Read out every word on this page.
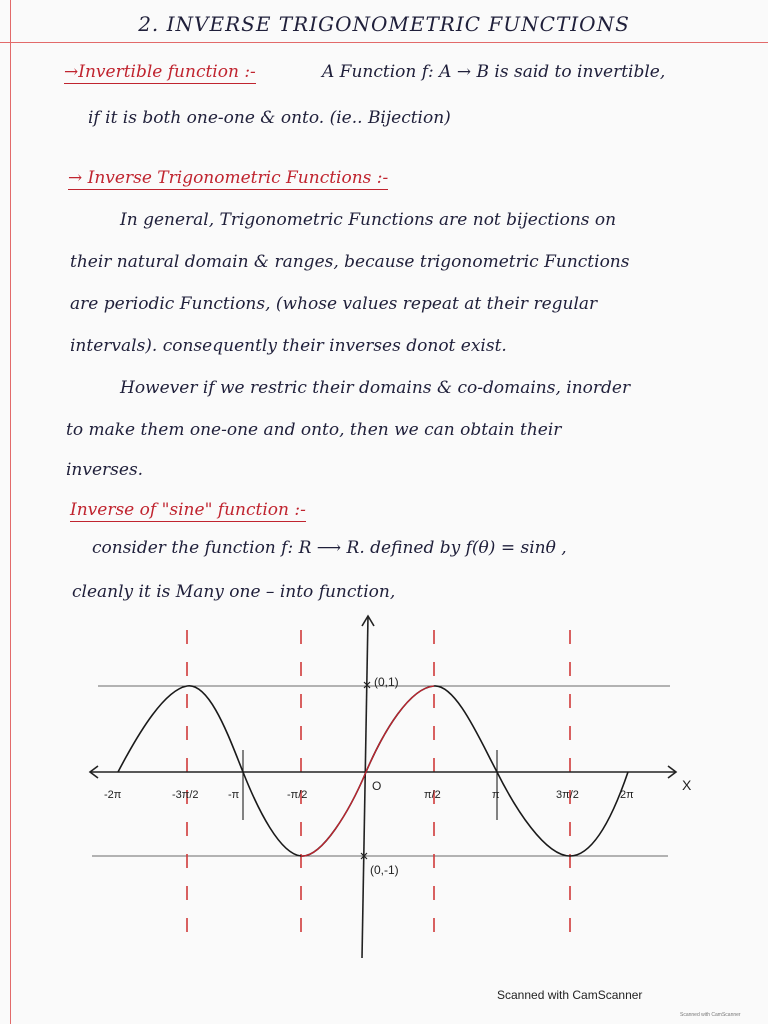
2. INVERSE TRIGONOMETRIC FUNCTIONS
→Invertible function :-	A Function f: A → B is said to invertible,
if it is both one-one & onto. (ie.. Bijection)
→ Inverse Trigonometric Functions :-
In general, Trigonometric Functions are not bijections on
their natural domain & ranges, because trigonometric Functions
are periodic Functions, (whose values repeat at their regular
intervals). consequently their inverses donot exist.
However if we restric their domains & co-domains, inorder
to make them one-one and onto, then we can obtain their
inverses.
Inverse of "sine" function :-
consider the function f: R ⟶ R. defined by f(θ) = sinθ ,
cleanly it is Many one – into function,
X
O
(0,1)
(0,-1)
-2π	-3π/2	-π	-π/2	π/2	π	3π/2	2π
Scanned with CamScanner
Scanned with CamScanner
